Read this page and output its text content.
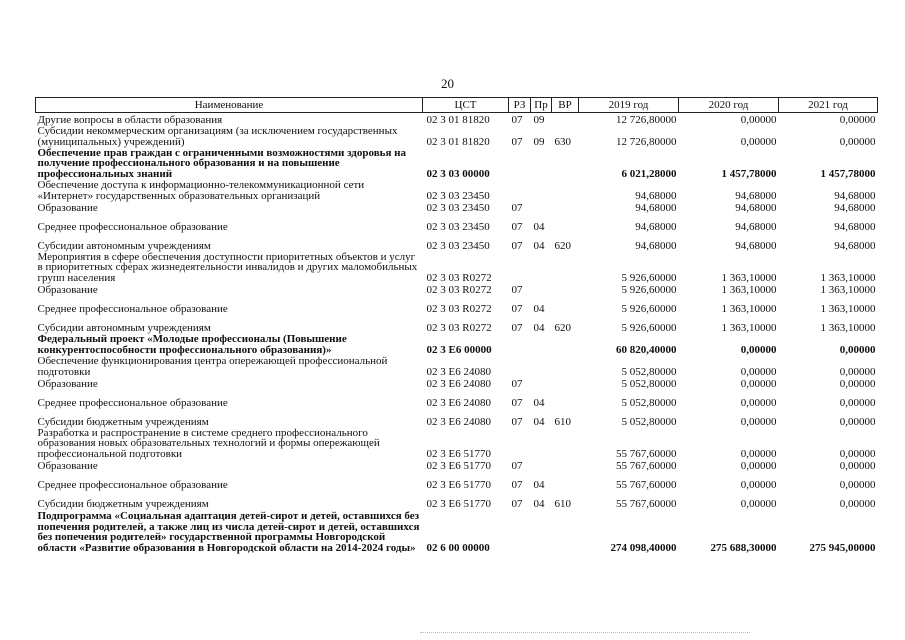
20
Наименование	ЦСТ	РЗ	Пр	ВР	2019 год	2020 год	2021 год
Другие вопросы в области образования	02 3 01 81820	07	09		12 726,80000	0,00000	0,00000
Субсидии некоммерческим организациям (за исключением государственных (муниципальных) учреждений)	02 3 01 81820	07	09	630	12 726,80000	0,00000	0,00000
Обеспечение прав граждан с ограниченными возможностями здоровья на получение профессионального образования и на повышение профессиональных знаний	02 3 03 00000				6 021,28000	1 457,78000	1 457,78000
Обеспечение доступа к информационно-телекоммуникационной сети «Интернет» государственных образовательных организаций	02 3 03 23450				94,68000	94,68000	94,68000
Образование	02 3 03 23450	07			94,68000	94,68000	94,68000
Среднее профессиональное образование	02 3 03 23450	07	04		94,68000	94,68000	94,68000
Субсидии автономным учреждениям	02 3 03 23450	07	04	620	94,68000	94,68000	94,68000
Мероприятия в сфере обеспечения доступности приоритетных объектов и услуг в приоритетных сферах жизнедеятельности инвалидов и других маломобильных групп населения	02 3 03 R0272				5 926,60000	1 363,10000	1 363,10000
Образование	02 3 03 R0272	07			5 926,60000	1 363,10000	1 363,10000
Среднее профессиональное образование	02 3 03 R0272	07	04		5 926,60000	1 363,10000	1 363,10000
Субсидии автономным учреждениям	02 3 03 R0272	07	04	620	5 926,60000	1 363,10000	1 363,10000
Федеральный проект «Молодые профессионалы (Повышение конкурентоспособности профессионального образования)»	02 3 Е6 00000				60 820,40000	0,00000	0,00000
Обеспечение функционирования центра опережающей профессиональной подготовки	02 3 Е6 24080				5 052,80000	0,00000	0,00000
Образование	02 3 Е6 24080	07			5 052,80000	0,00000	0,00000
Среднее профессиональное образование	02 3 Е6 24080	07	04		5 052,80000	0,00000	0,00000
Субсидии бюджетным учреждениям	02 3 Е6 24080	07	04	610	5 052,80000	0,00000	0,00000
Разработка и распространение в системе среднего профессионального образования новых образовательных технологий и формы опережающей профессиональной подготовки	02 3 Е6 51770				55 767,60000	0,00000	0,00000
Образование	02 3 Е6 51770	07			55 767,60000	0,00000	0,00000
Среднее профессиональное образование	02 3 Е6 51770	07	04		55 767,60000	0,00000	0,00000
Субсидии бюджетным учреждениям	02 3 Е6 51770	07	04	610	55 767,60000	0,00000	0,00000
Подпрограмма «Социальная адаптация детей-сирот и детей, оставшихся без попечения родителей, а также лиц из числа детей-сирот и детей, оставшихся без попечения родителей» государственной программы Новгородской области «Развитие образования в Новгородской области на 2014-2024 годы»	02 6 00 00000				274 098,40000	275 688,30000	275 945,00000
